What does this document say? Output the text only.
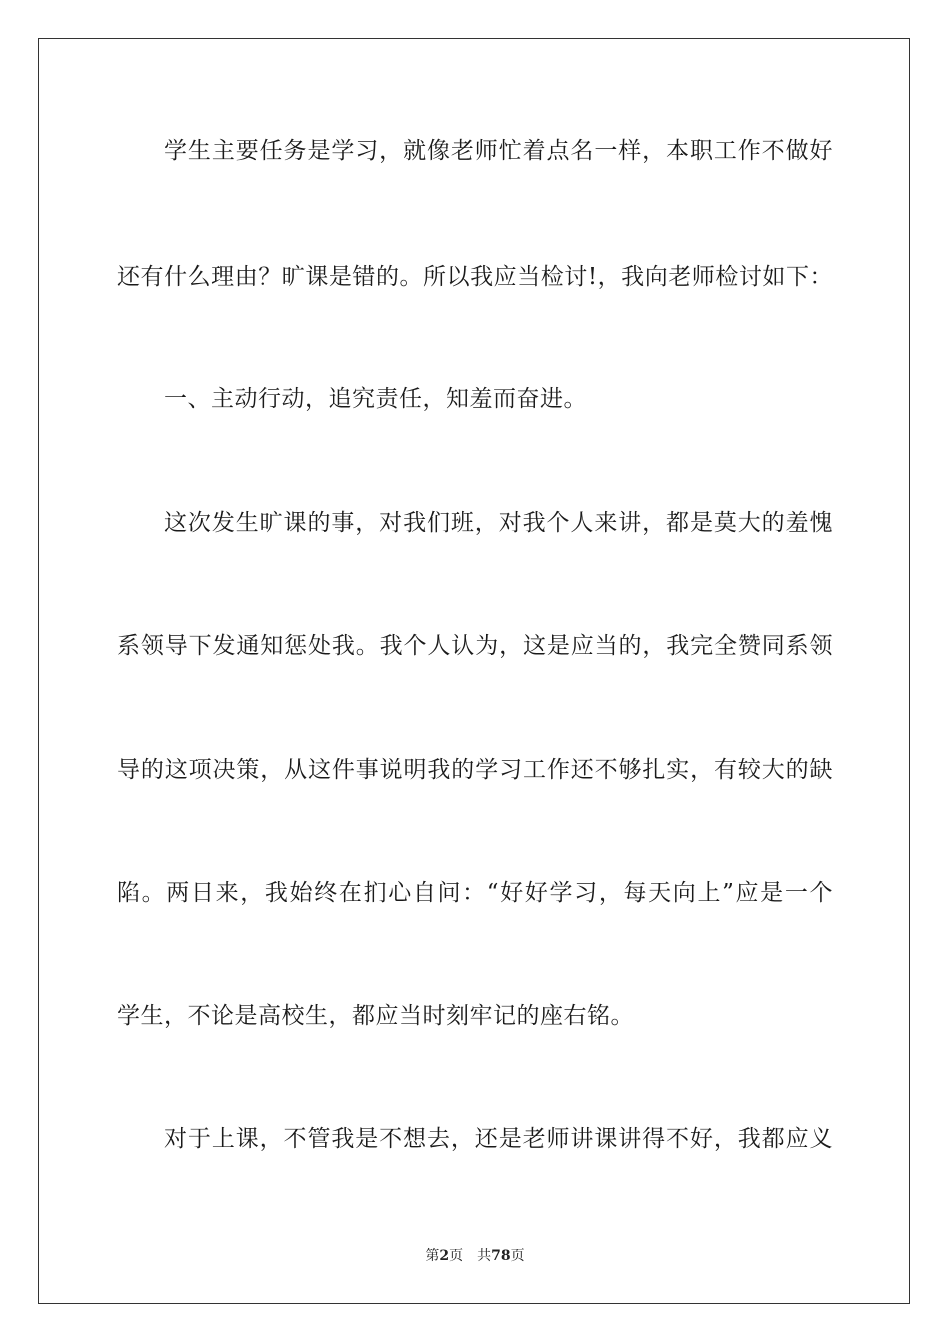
学生主要任务是学习，就像老师忙着点名一样，本职工作不做好
还有什么理由？旷课是错的。所以我应当检讨!，我向老师检讨如下：
一、主动行动，追究责任，知羞而奋进。
这次发生旷课的事，对我们班，对我个人来讲，都是莫大的羞愧
系领导下发通知惩处我。我个人认为，这是应当的，我完全赞同系领
导的这项决策，从这件事说明我的学习工作还不够扎实，有较大的缺
陷。两日来，我始终在扪心自问：“好好学习，每天向上”应是一个
学生，不论是高校生，都应当时刻牢记的座右铭。
对于上课，不管我是不想去，还是老师讲课讲得不好，我都应义
第2页 共78页
